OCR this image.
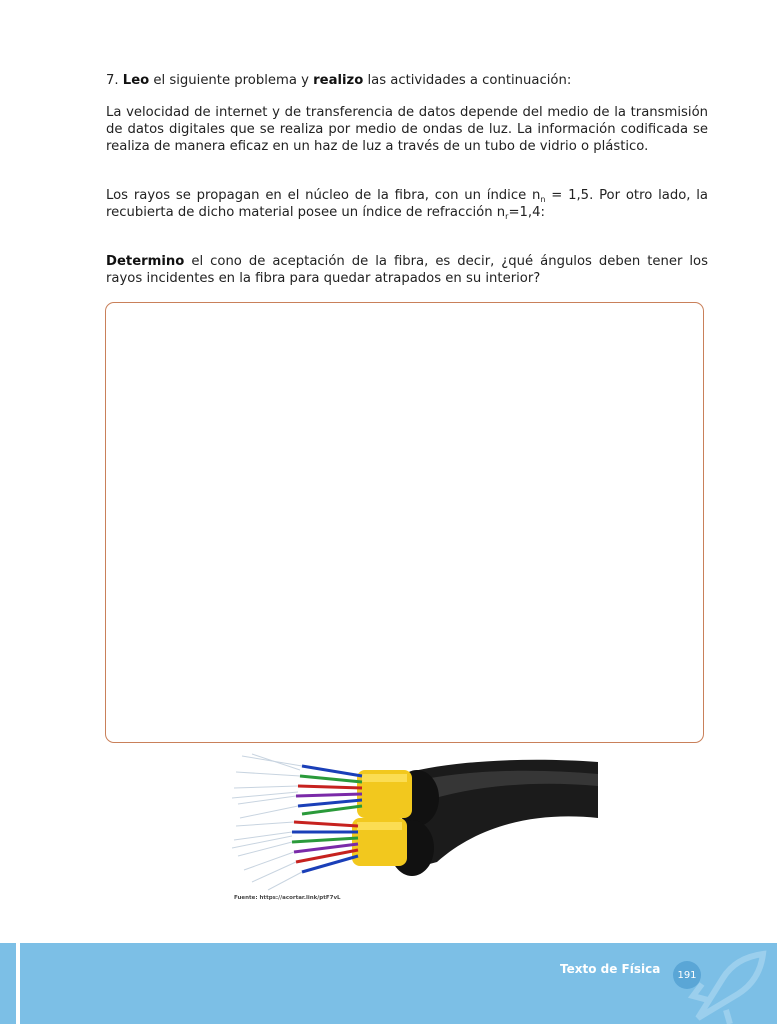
7. Leo el siguiente problema y realizo las actividades a continuación:

La velocidad de internet y de transferencia de datos depende del medio de la transmisión de datos digitales que se realiza por medio de ondas de luz. La información codificada se realiza de manera eficaz en un haz de luz a través de un tubo de vidrio o plástico.

Los rayos se propagan en el núcleo de la fibra, con un índice $n_n = 1,5$. Por otro lado, la recubierta de dicho material posee un índice de refracción $n_r=1,4$:

Determino el cono de aceptación de la fibra, es decir, ¿qué ángulos deben tener los rayos incidentes en la fibra para quedar atrapados en su interior?

Fuente: https://acortar.link/ptF7vL
Texto de Física 191
